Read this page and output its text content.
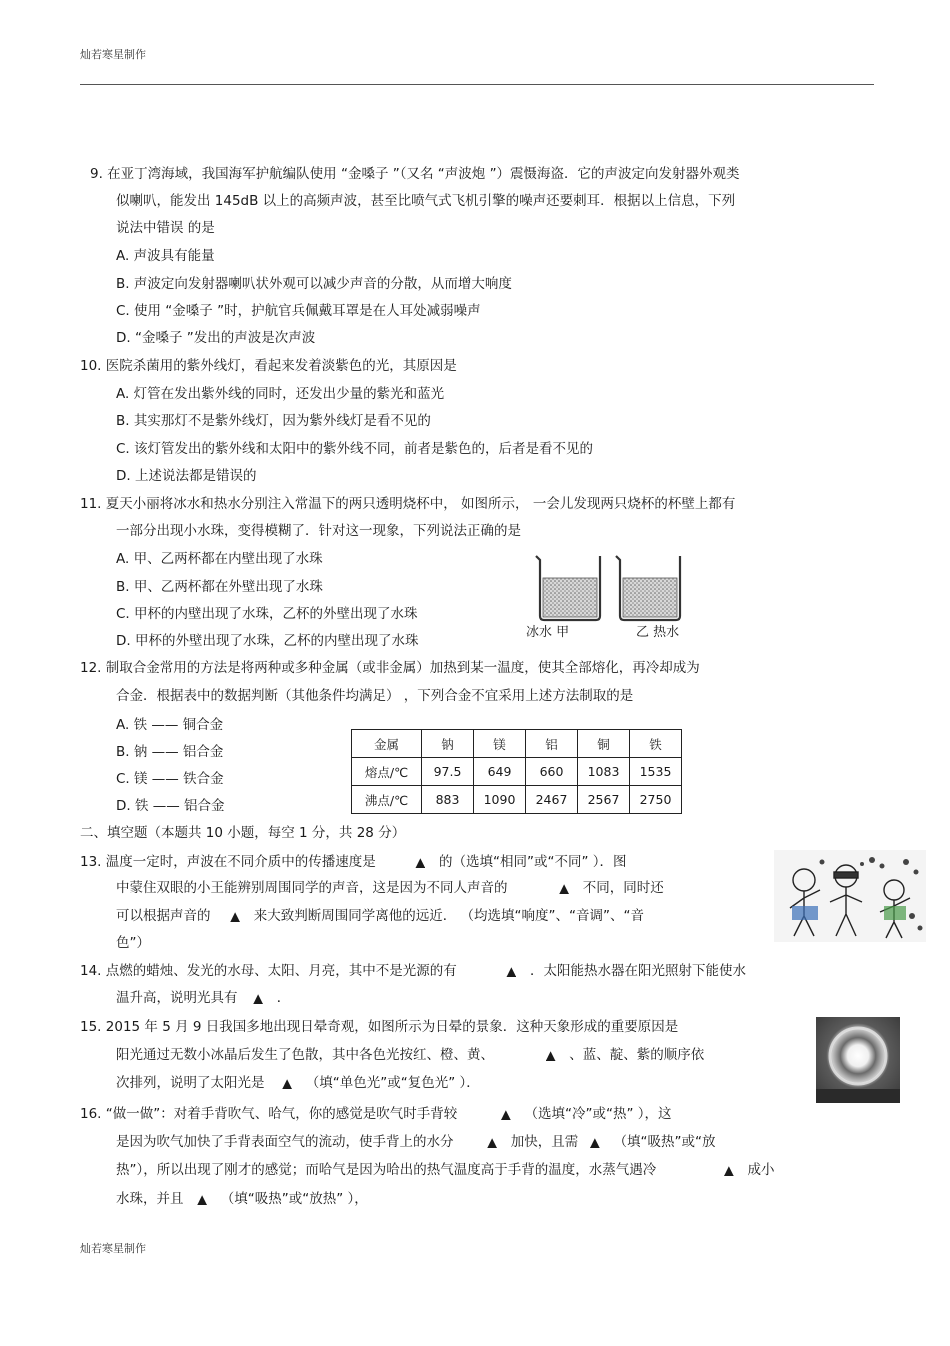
灿若寒星制作
9. 在亚丁湾海域，我国海军护航编队使用 “金嗓子 ”（又名 “声波炮 ”）震慑海盗．它的声波定向发射器外观类
似喇叭，能发出 145dB 以上的高频声波，甚至比喷气式飞机引擎的噪声还要刺耳．根据以上信息，下列
说法中错误 的是
A. 声波具有能量
B. 声波定向发射器喇叭状外观可以减少声音的分散，从而增大响度
C. 使用 “金嗓子 ”时，护航官兵佩戴耳罩是在人耳处减弱噪声
D. “金嗓子 ”发出的声波是次声波
10. 医院杀菌用的紫外线灯，看起来发着淡紫色的光，其原因是
A. 灯管在发出紫外线的同时，还发出少量的紫光和蓝光
B. 其实那灯不是紫外线灯，因为紫外线灯是看不见的
C. 该灯管发出的紫外线和太阳中的紫外线不同，前者是紫色的，后者是看不见的
D. 上述说法都是错误的
11. 夏天小丽将冰水和热水分别注入常温下的两只透明烧杯中， 如图所示， 一会儿发现两只烧杯的杯壁上都有
一部分出现小水珠，变得模糊了．针对这一现象，下列说法正确的是
A. 甲、乙两杯都在内壁出现了水珠
B. 甲、乙两杯都在外壁出现了水珠
C. 甲杯的内壁出现了水珠，乙杯的外壁出现了水珠
D. 甲杯的外壁出现了水珠，乙杯的内壁出现了水珠
冰水 甲	乙 热水
12. 制取合金常用的方法是将两种或多种金属（或非金属）加热到某一温度，使其全部熔化，再冷却成为
合金．根据表中的数据判断（其他条件均满足） ，下列合金不宜采用上述方法制取的是
A. 铁 —— 铜合金
B. 钠 —— 铝合金
C. 镁 —— 铁合金
D. 铁 —— 铝合金
金属	钠	镁	铝	铜	铁
熔点/℃	97.5	649	660	1083	1535
沸点/℃	883	1090	2467	2567	2750
二、填空题（本题共 10 小题，每空 1 分，共 28 分）
13. 温度一定时，声波在不同介质中的传播速度是	▲ 的（选填“相同”或“不同” ）．图
中蒙住双眼的小王能辨别周围同学的声音，这是因为不同人声音的	▲ 不同，同时还
可以根据声音的 ▲ 来大致判断周围同学离他的远近． （均选填“响度”、“音调”、“音
色”）
14. 点燃的蜡烛、发光的水母、太阳、月亮，其中不是光源的有	▲ ．太阳能热水器在阳光照射下能使水
温升高，说明光具有 ▲ ．
15. 2015 年 5 月 9 日我国多地出现日晕奇观，如图所示为日晕的景象．这种天象形成的重要原因是
阳光通过无数小冰晶后发生了色散，其中各色光按红、橙、黄、	▲ 、蓝、靛、紫的顺序依
次排列，说明了太阳光是 ▲ （填“单色光”或“复色光” ）．
16. “做一做”：对着手背吹气、哈气，你的感觉是吹气时手背较	▲ （选填“冷”或“热” ），这
是因为吹气加快了手背表面空气的流动，使手背上的水分	▲ 加快，且需 ▲ （填“吸热”或“放
热”），所以出现了刚才的感觉；而哈气是因为哈出的热气温度高于手背的温度，水蒸气遇冷	▲ 成小
水珠，并且 ▲ （填“吸热”或“放热” ），
灿若寒星制作
